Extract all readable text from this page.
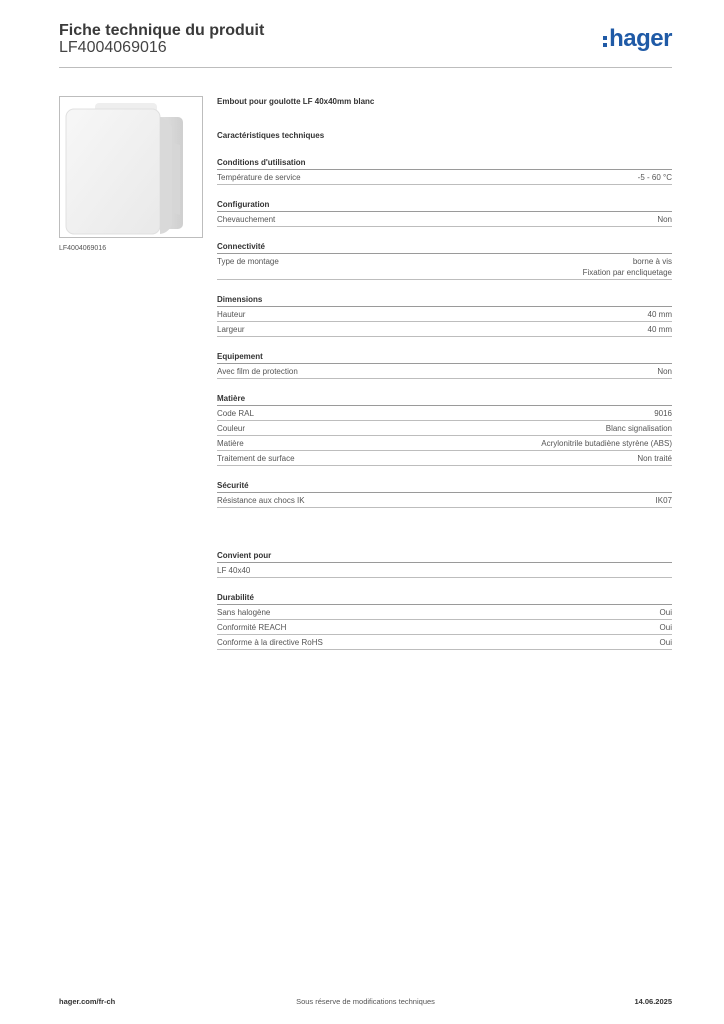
Fiche technique du produit
LF4004069016	hager
LF4004069016
Embout pour goulotte LF 40x40mm blanc
Caractéristiques techniques
Conditions d'utilisation
Température de service	-5 - 60 °C
Configuration
Chevauchement	Non
Connectivité
Type de montage	borne à vis
Fixation par encliquetage
Dimensions
Hauteur	40 mm
Largeur	40 mm
Equipement
Avec film de protection	Non
Matière
Code RAL	9016
Couleur	Blanc signalisation
Matière	Acrylonitrile butadiène styrène (ABS)
Traitement de surface	Non traité
Sécurité
Résistance aux chocs IK	IK07
Convient pour
LF 40x40
Durabilité
Sans halogène	Oui
Conformité REACH	Oui
Conforme à la directive RoHS	Oui
hager.com/fr-ch	Sous réserve de modifications techniques	14.06.2025
